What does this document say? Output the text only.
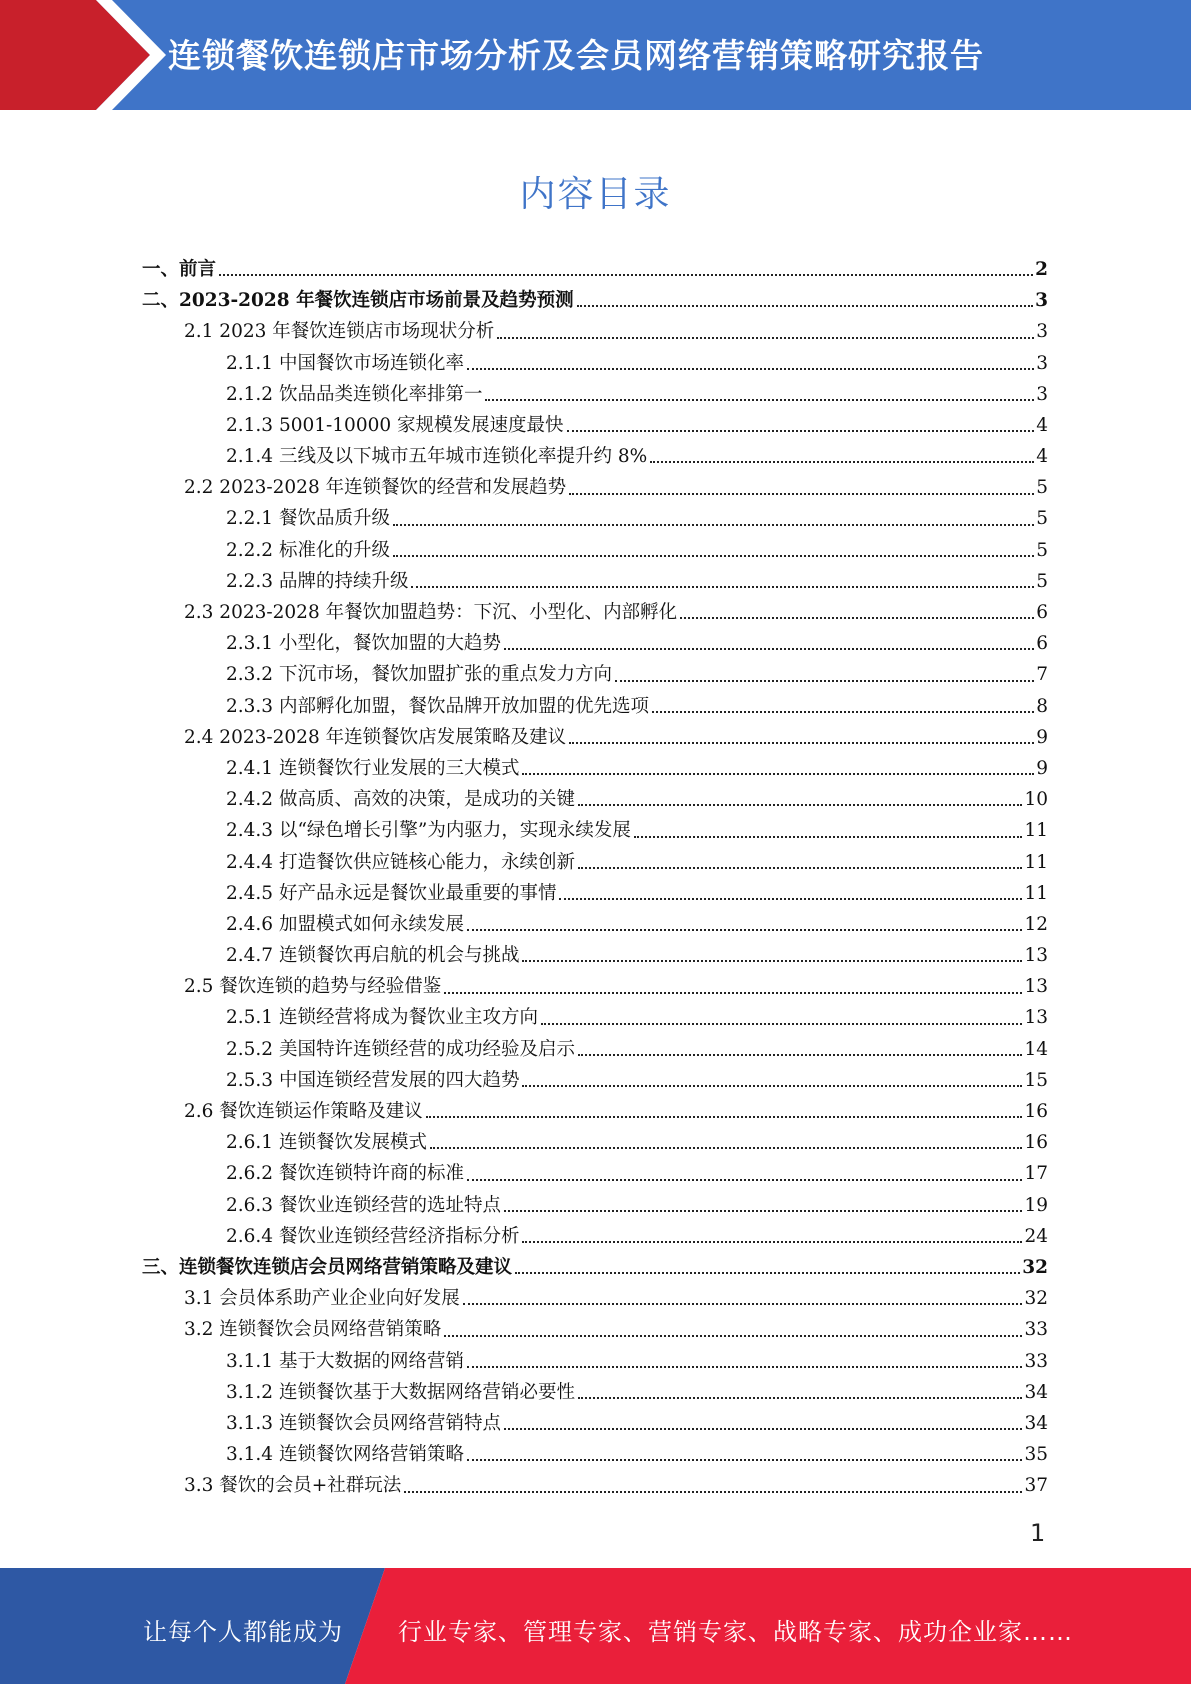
连锁餐饮连锁店市场分析及会员网络营销策略研究报告
内容目录
一、前言	2
二、2023-2028 年餐饮连锁店市场前景及趋势预测	3
2.1 2023 年餐饮连锁店市场现状分析	3
2.1.1 中国餐饮市场连锁化率	3
2.1.2 饮品品类连锁化率排第一	3
2.1.3 5001-10000 家规模发展速度最快	4
2.1.4 三线及以下城市五年城市连锁化率提升约 8%	4
2.2 2023-2028 年连锁餐饮的经营和发展趋势	5
2.2.1 餐饮品质升级	5
2.2.2 标准化的升级	5
2.2.3 品牌的持续升级	5
2.3 2023-2028 年餐饮加盟趋势：下沉、小型化、内部孵化	6
2.3.1 小型化，餐饮加盟的大趋势	6
2.3.2 下沉市场，餐饮加盟扩张的重点发力方向	7
2.3.3 内部孵化加盟，餐饮品牌开放加盟的优先选项	8
2.4 2023-2028 年连锁餐饮店发展策略及建议	9
2.4.1 连锁餐饮行业发展的三大模式	9
2.4.2 做高质、高效的决策，是成功的关键	10
2.4.3 以“绿色增长引擎”为内驱力，实现永续发展	11
2.4.4 打造餐饮供应链核心能力，永续创新	11
2.4.5 好产品永远是餐饮业最重要的事情	11
2.4.6 加盟模式如何永续发展	12
2.4.7 连锁餐饮再启航的机会与挑战	13
2.5 餐饮连锁的趋势与经验借鉴	13
2.5.1 连锁经营将成为餐饮业主攻方向	13
2.5.2 美国特许连锁经营的成功经验及启示	14
2.5.3 中国连锁经营发展的四大趋势	15
2.6 餐饮连锁运作策略及建议	16
2.6.1 连锁餐饮发展模式	16
2.6.2 餐饮连锁特许商的标准	17
2.6.3 餐饮业连锁经营的选址特点	19
2.6.4 餐饮业连锁经营经济指标分析	24
三、连锁餐饮连锁店会员网络营销策略及建议	32
3.1 会员体系助产业企业向好发展	32
3.2 连锁餐饮会员网络营销策略	33
3.1.1 基于大数据的网络营销	33
3.1.2 连锁餐饮基于大数据网络营销必要性	34
3.1.3 连锁餐饮会员网络营销特点	34
3.1.4 连锁餐饮网络营销策略	35
3.3 餐饮的会员+社群玩法	37
1
让每个人都能成为 行业专家、管理专家、营销专家、战略专家、成功企业家……
